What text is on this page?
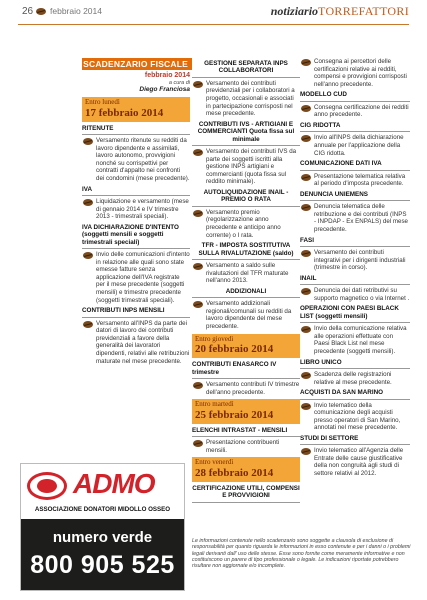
26 febbraio 2014	notiziarioTORREFATTORI
SCADENZARIO FISCALE
febbraio 2014
a cura di
Diego Franciosa
Entro lunedì
17 febbraio 2014
RITENUTE
Versamento ritenute su redditi da lavoro dipendente e assimilati, lavoro autonomo, provvigioni nonché su corrispettivi per contratti d'appalto nei confronti dei condomini (mese precedente).
IVA
Liquidazione e versamento (mese di gennaio 2014 e IV trimestre 2013 - trimestrali speciali).
IVA DICHIARAZIONE D'INTENTO (soggetti mensili e soggetti trimestrali speciali)
Invio delle comunicazioni d'intento in relazione alle quali sono state emesse fatture senza applicazione dell'IVA registrate per il mese precedente (soggetti mensili) e trimestre precedente (soggetti trimestrali speciali).
CONTRIBUTI INPS MENSILI
Versamento all'INPS da parte dei datori di lavoro dei contributi previdenziali a favore della generalità dei lavoratori dipendenti, relativi alle retribuzioni maturate nel mese precedente.
GESTIONE SEPARATA INPS COLLABORATORI
Versamento dei contributi previdenziali per i collaboratori a progetto, occasionali e associati in partecipazione corrisposti nel mese precedente.
CONTRIBUTI IVS - ARTIGIANI E COMMERCIANTI Quota fissa sul minimale
Versamento dei contributi IVS da parte dei soggetti iscritti alla gestione INPS artigiani e commercianti (quota fissa sul reddito minimale).
AUTOLIQUIDAZIONE INAIL - PREMIO O RATA
Versamento premio (regolarizzazione anno precedente e anticipo anno corrente) o I rata.
TFR - IMPOSTA SOSTITUTIVA SULLA RIVALUTAZIONE (saldo)
Versamento a saldo sulle rivalutazioni del TFR maturate nell'anno 2013.
ADDIZIONALI
Versamento addizionali regionali/comunali su redditi da lavoro dipendente del mese precedente.
Entro giovedì
20 febbraio 2014
CONTRIBUTI ENASARCO IV trimestre
Versamento contributi IV trimestre dell'anno precedente.
Entro martedì
25 febbraio 2014
ELENCHI INTRASTAT - MENSILI
Presentazione contribuenti mensili.
Entro venerdì
28 febbraio 2014
CERTIFICAZIONE UTILI, COMPENSI E PROVVIGIONI
Consegna ai percettori delle certificazioni relative ai redditi, compensi e provvigioni corrisposti nell'anno precedente.
MODELLO CUD
Consegna certificazione dei redditi anno precedente.
CIG RIDOTTA
Invio all'INPS della dichiarazione annuale per l'applicazione della CIG ridotta.
COMUNICAZIONE DATI IVA
Presentazione telematica relativa al periodo d'imposta precedente.
DENUNCIA UNIEMENS
Denuncia telematica delle retribuzione e dei contributi (INPS - INPDAP - Ex ENPALS) del mese precedente.
FASI
Versamento dei contributi integrativi per i dirigenti industriali (trimestre in corso).
INAIL
Denuncia dei dati retributivi su supporto magnetico o via Internet .
OPERAZIONI CON PAESI BLACK LIST (soggetti mensili)
Invio della comunicazione relativa alle operazioni effettuate con Paesi Black List nel mese precedente (soggetti mensili).
LIBRO UNICO
Scadenza delle registrazioni relative al mese precedente.
ACQUISTI DA SAN MARINO
Invio telematico della comunicazione degli acquisti presso operatori di San Marino, annotati nel mese precedente.
STUDI DI SETTORE
Invio telematico all'Agenzia delle Entrate delle cause giustificative della non congruità agli studi di settore relativi al 2012.
ADMO
ASSOCIAZIONE DONATORI MIDOLLO OSSEO
numero verde
800 905 525
Le informazioni contenute nello scadenzario sono soggette a clausola di esclusione di responsabilità per quanto riguarda le informazioni in esso contenute e per i danni o i problemi legali derivanti dall' uso delle stesse. Esse sono fornite come meramente informative e non costituiscono un parere di tipo professionale o legale. Le indicazioni riportate potrebbero risultare non aggiornate e/o incomplete.
